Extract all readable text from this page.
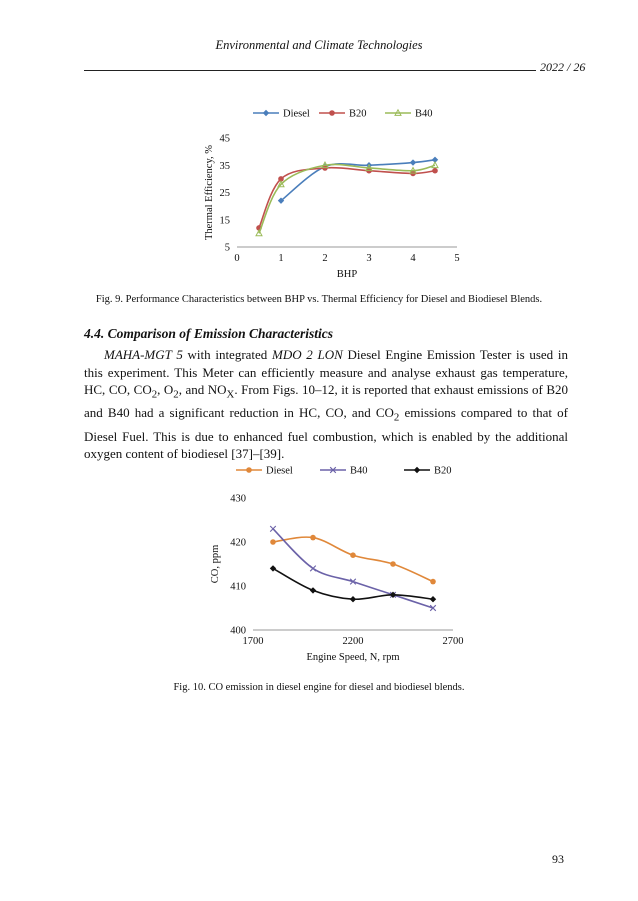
Environmental and Climate Technologies
2022 / 26
Diesel	B20	B40
5
15
25
35
45
0	1	2	3	4	5
BHP
Thermal Efficiency, %
Fig. 9. Performance Characteristics between BHP vs. Thermal Efficiency for Diesel and Biodiesel Blends.
4.4. Comparison of Emission Characteristics

MAHA-MGT 5 with integrated MDO 2 LON Diesel Engine Emission Tester is used in this experiment. This Meter can efficiently measure and analyse exhaust gas temperature, HC, CO, $CO_2$, $O_2$, and $NO_X$. From Figs. 10–12, it is reported that exhaust emissions of B20 and B40 had a significant reduction in HC, CO, and $CO_2$ emissions compared to that of Diesel Fuel. This is due to enhanced fuel combustion, which is enabled by the additional oxygen content of biodiesel [37]–[39].

Diesel	B40	B20
400
410
420
430
1700	2200	2700
Engine Speed, N, rpm
CO, ppm
Fig. 10. CO emission in diesel engine for diesel and biodiesel blends.
93
